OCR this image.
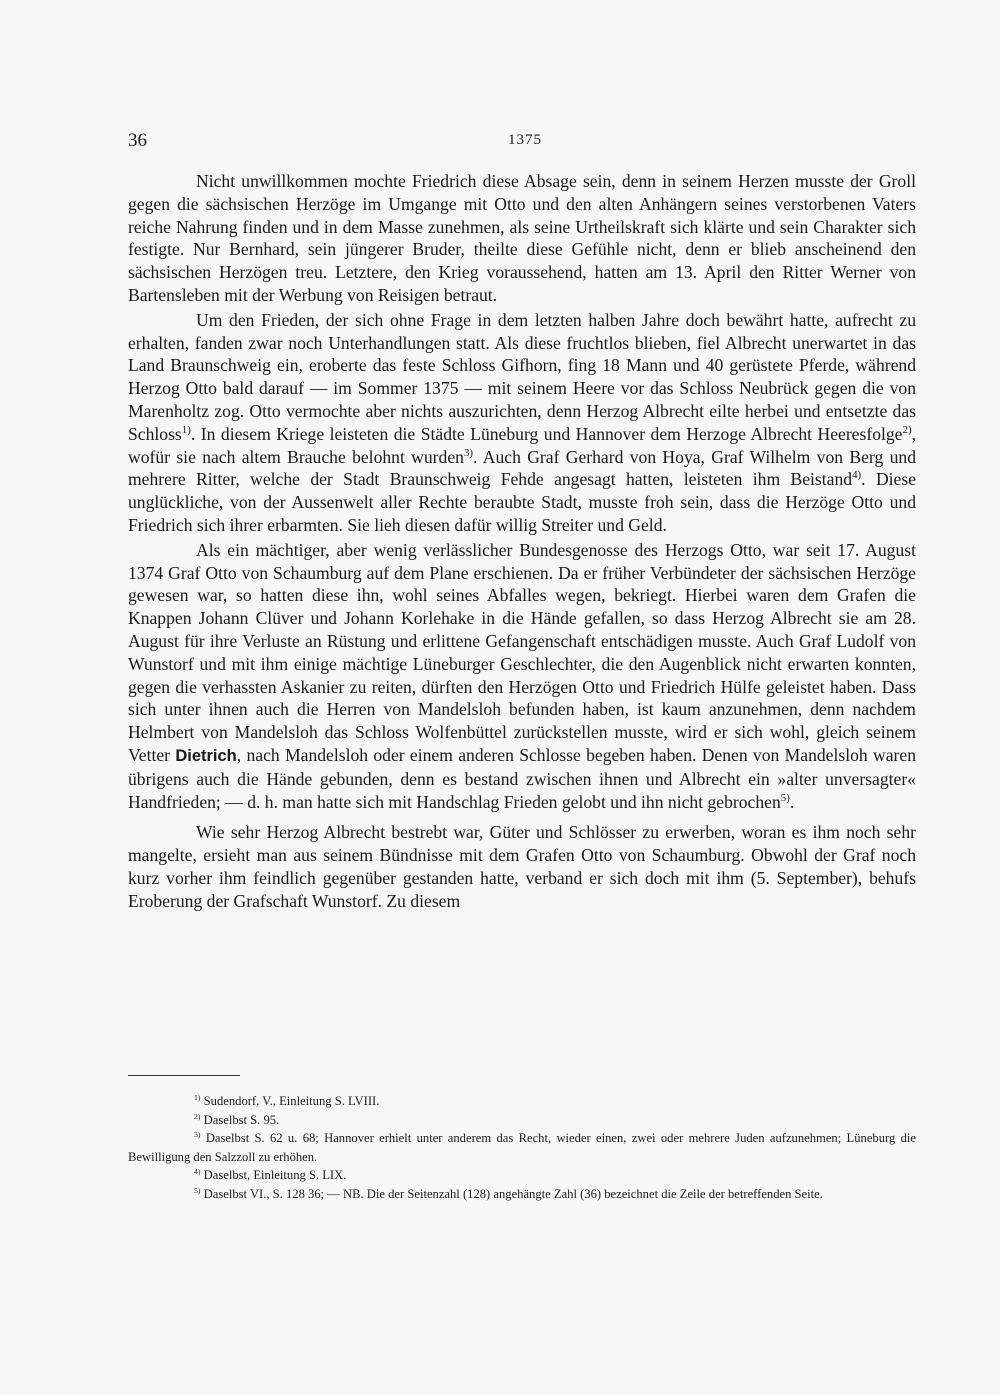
36	1375

Nicht unwillkommen mochte Friedrich diese Absage sein, denn in seinem Herzen musste der Groll gegen die sächsischen Herzöge im Umgange mit Otto und den alten Anhängern seines verstorbenen Vaters reiche Nahrung finden und in dem Masse zunehmen, als seine Urtheilskraft sich klärte und sein Charakter sich festigte. Nur Bernhard, sein jüngerer Bruder, theilte diese Gefühle nicht, denn er blieb anscheinend den sächsischen Herzögen treu. Letztere, den Krieg voraussehend, hatten am 13. April den Ritter Werner von Bartensleben mit der Werbung von Reisigen betraut.

Um den Frieden, der sich ohne Frage in dem letzten halben Jahre doch bewährt hatte, aufrecht zu erhalten, fanden zwar noch Unterhandlungen statt. Als diese fruchtlos blieben, fiel Albrecht unerwartet in das Land Braunschweig ein, eroberte das feste Schloss Gifhorn, fing 18 Mann und 40 gerüstete Pferde, während Herzog Otto bald darauf — im Sommer 1375 — mit seinem Heere vor das Schloss Neubrück gegen die von Marenholtz zog. Otto vermochte aber nichts auszurichten, denn Herzog Albrecht eilte herbei und entsetzte das Schloss$^{1)}$. In diesem Kriege leisteten die Städte Lüneburg und Hannover dem Herzoge Albrecht Heeresfolge$^{2)}$, wofür sie nach altem Brauche belohnt wurden$^{3)}$. Auch Graf Gerhard von Hoya, Graf Wilhelm von Berg und mehrere Ritter, welche der Stadt Braunschweig Fehde angesagt hatten, leisteten ihm Beistand$^{4)}$. Diese unglückliche, von der Aussenwelt aller Rechte beraubte Stadt, musste froh sein, dass die Herzöge Otto und Friedrich sich ihrer erbarmten. Sie lieh diesen dafür willig Streiter und Geld.

Als ein mächtiger, aber wenig verlässlicher Bundesgenosse des Herzogs Otto, war seit 17. August 1374 Graf Otto von Schaumburg auf dem Plane erschienen. Da er früher Verbündeter der sächsischen Herzöge gewesen war, so hatten diese ihn, wohl seines Abfalles wegen, bekriegt. Hierbei waren dem Grafen die Knappen Johann Clüver und Johann Korlehake in die Hände gefallen, so dass Herzog Albrecht sie am 28. August für ihre Verluste an Rüstung und erlittene Gefangenschaft entschädigen musste. Auch Graf Ludolf von Wunstorf und mit ihm einige mächtige Lüneburger Geschlechter, die den Augenblick nicht erwarten konnten, gegen die verhassten Askanier zu reiten, dürften den Herzögen Otto und Friedrich Hülfe geleistet haben. Dass sich unter ihnen auch die Herren von Mandelsloh befunden haben, ist kaum anzunehmen, denn nachdem Helmbert von Mandelsloh das Schloss Wolfenbüttel zurückstellen musste, wird er sich wohl, gleich seinem Vetter Dietrich, nach Mandelsloh oder einem anderen Schlosse begeben haben. Denen von Mandelsloh waren übrigens auch die Hände gebunden, denn es bestand zwischen ihnen und Albrecht ein »alter unversagter« Handfrieden; — d. h. man hatte sich mit Handschlag Frieden gelobt und ihn nicht gebrochen$^{5)}$.

Wie sehr Herzog Albrecht bestrebt war, Güter und Schlösser zu erwerben, woran es ihm noch sehr mangelte, ersieht man aus seinem Bündnisse mit dem Grafen Otto von Schaumburg. Obwohl der Graf noch kurz vorher ihm feindlich gegenüber gestanden hatte, verband er sich doch mit ihm (5. September), behufs Eroberung der Grafschaft Wunstorf. Zu diesem

$^{1)}$ Sudendorf, V., Einleitung S. LVIII.
$^{2)}$ Daselbst S. 95.
$^{3)}$ Daselbst S. 62 u. 68; Hannover erhielt unter anderem das Recht, wieder einen, zwei oder mehrere Juden aufzunehmen; Lüneburg die Bewilligung den Salzzoll zu erhöhen.
$^{4)}$ Daselbst, Einleitung S. LIX.
$^{5)}$ Daselbst VI., S. 128 36; — NB. Die der Seitenzahl (128) angehängte Zahl (36) bezeichnet die Zeile der betreffenden Seite.
